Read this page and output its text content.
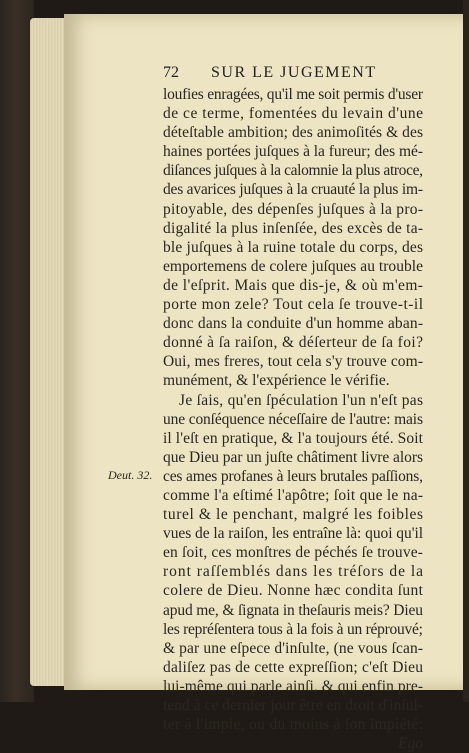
72 SUR LE JUGEMENT
Deut. 32.
loufies enragées, qu'il me soit permis d'user
de ce terme, fomentées du levain d'une
déteſtable ambition; des animoſités & des
haines portées juſques à la fureur; des mé-
diſances juſques à la calomnie la plus atroce,
des avarices juſques à la cruauté la plus im-
pitoyable, des dépenſes juſques à la pro-
digalité la plus inſenſée, des excès de ta-
ble juſques à la ruine totale du corps, des
emportemens de colere juſques au trouble
de l'eſprit. Mais que dis-je, & où m'em-
porte mon zele? Tout cela ſe trouve-t-il
donc dans la conduite d'un homme aban-
donné à ſa raiſon, & déſerteur de ſa foi?
Oui, mes freres, tout cela s'y trouve com-
munément, & l'expérience le vérifie.
Je ſais, qu'en ſpéculation l'un n'eſt pas
une conſéquence néceſſaire de l'autre: mais
il l'eſt en pratique, & l'a toujours été. Soit
que Dieu par un juſte châtiment livre alors
ces ames profanes à leurs brutales paſſions,
comme l'a eſtimé l'apôtre; ſoit que le na-
turel & le penchant, malgré les foibles
vues de la raiſon, les entraîne là: quoi qu'il
en ſoit, ces monſtres de péchés ſe trouve-
ront raſſemblés dans les tréſors de la
colere de Dieu. Nonne hæc condita ſunt
apud me, & ſignata in theſauris meis? Dieu
les repréſentera tous à la fois à un réprouvé;
& par une eſpece d'inſulte, (ne vous ſcan-
daliſez pas de cette expreſſion; c'eſt Dieu
lui-même qui parle ainſi, & qui enfin pre-
tend à ce dernier jour être en droit d'inſul-
ter à l'impie, ou du moins à ſon impiété:
Ego
